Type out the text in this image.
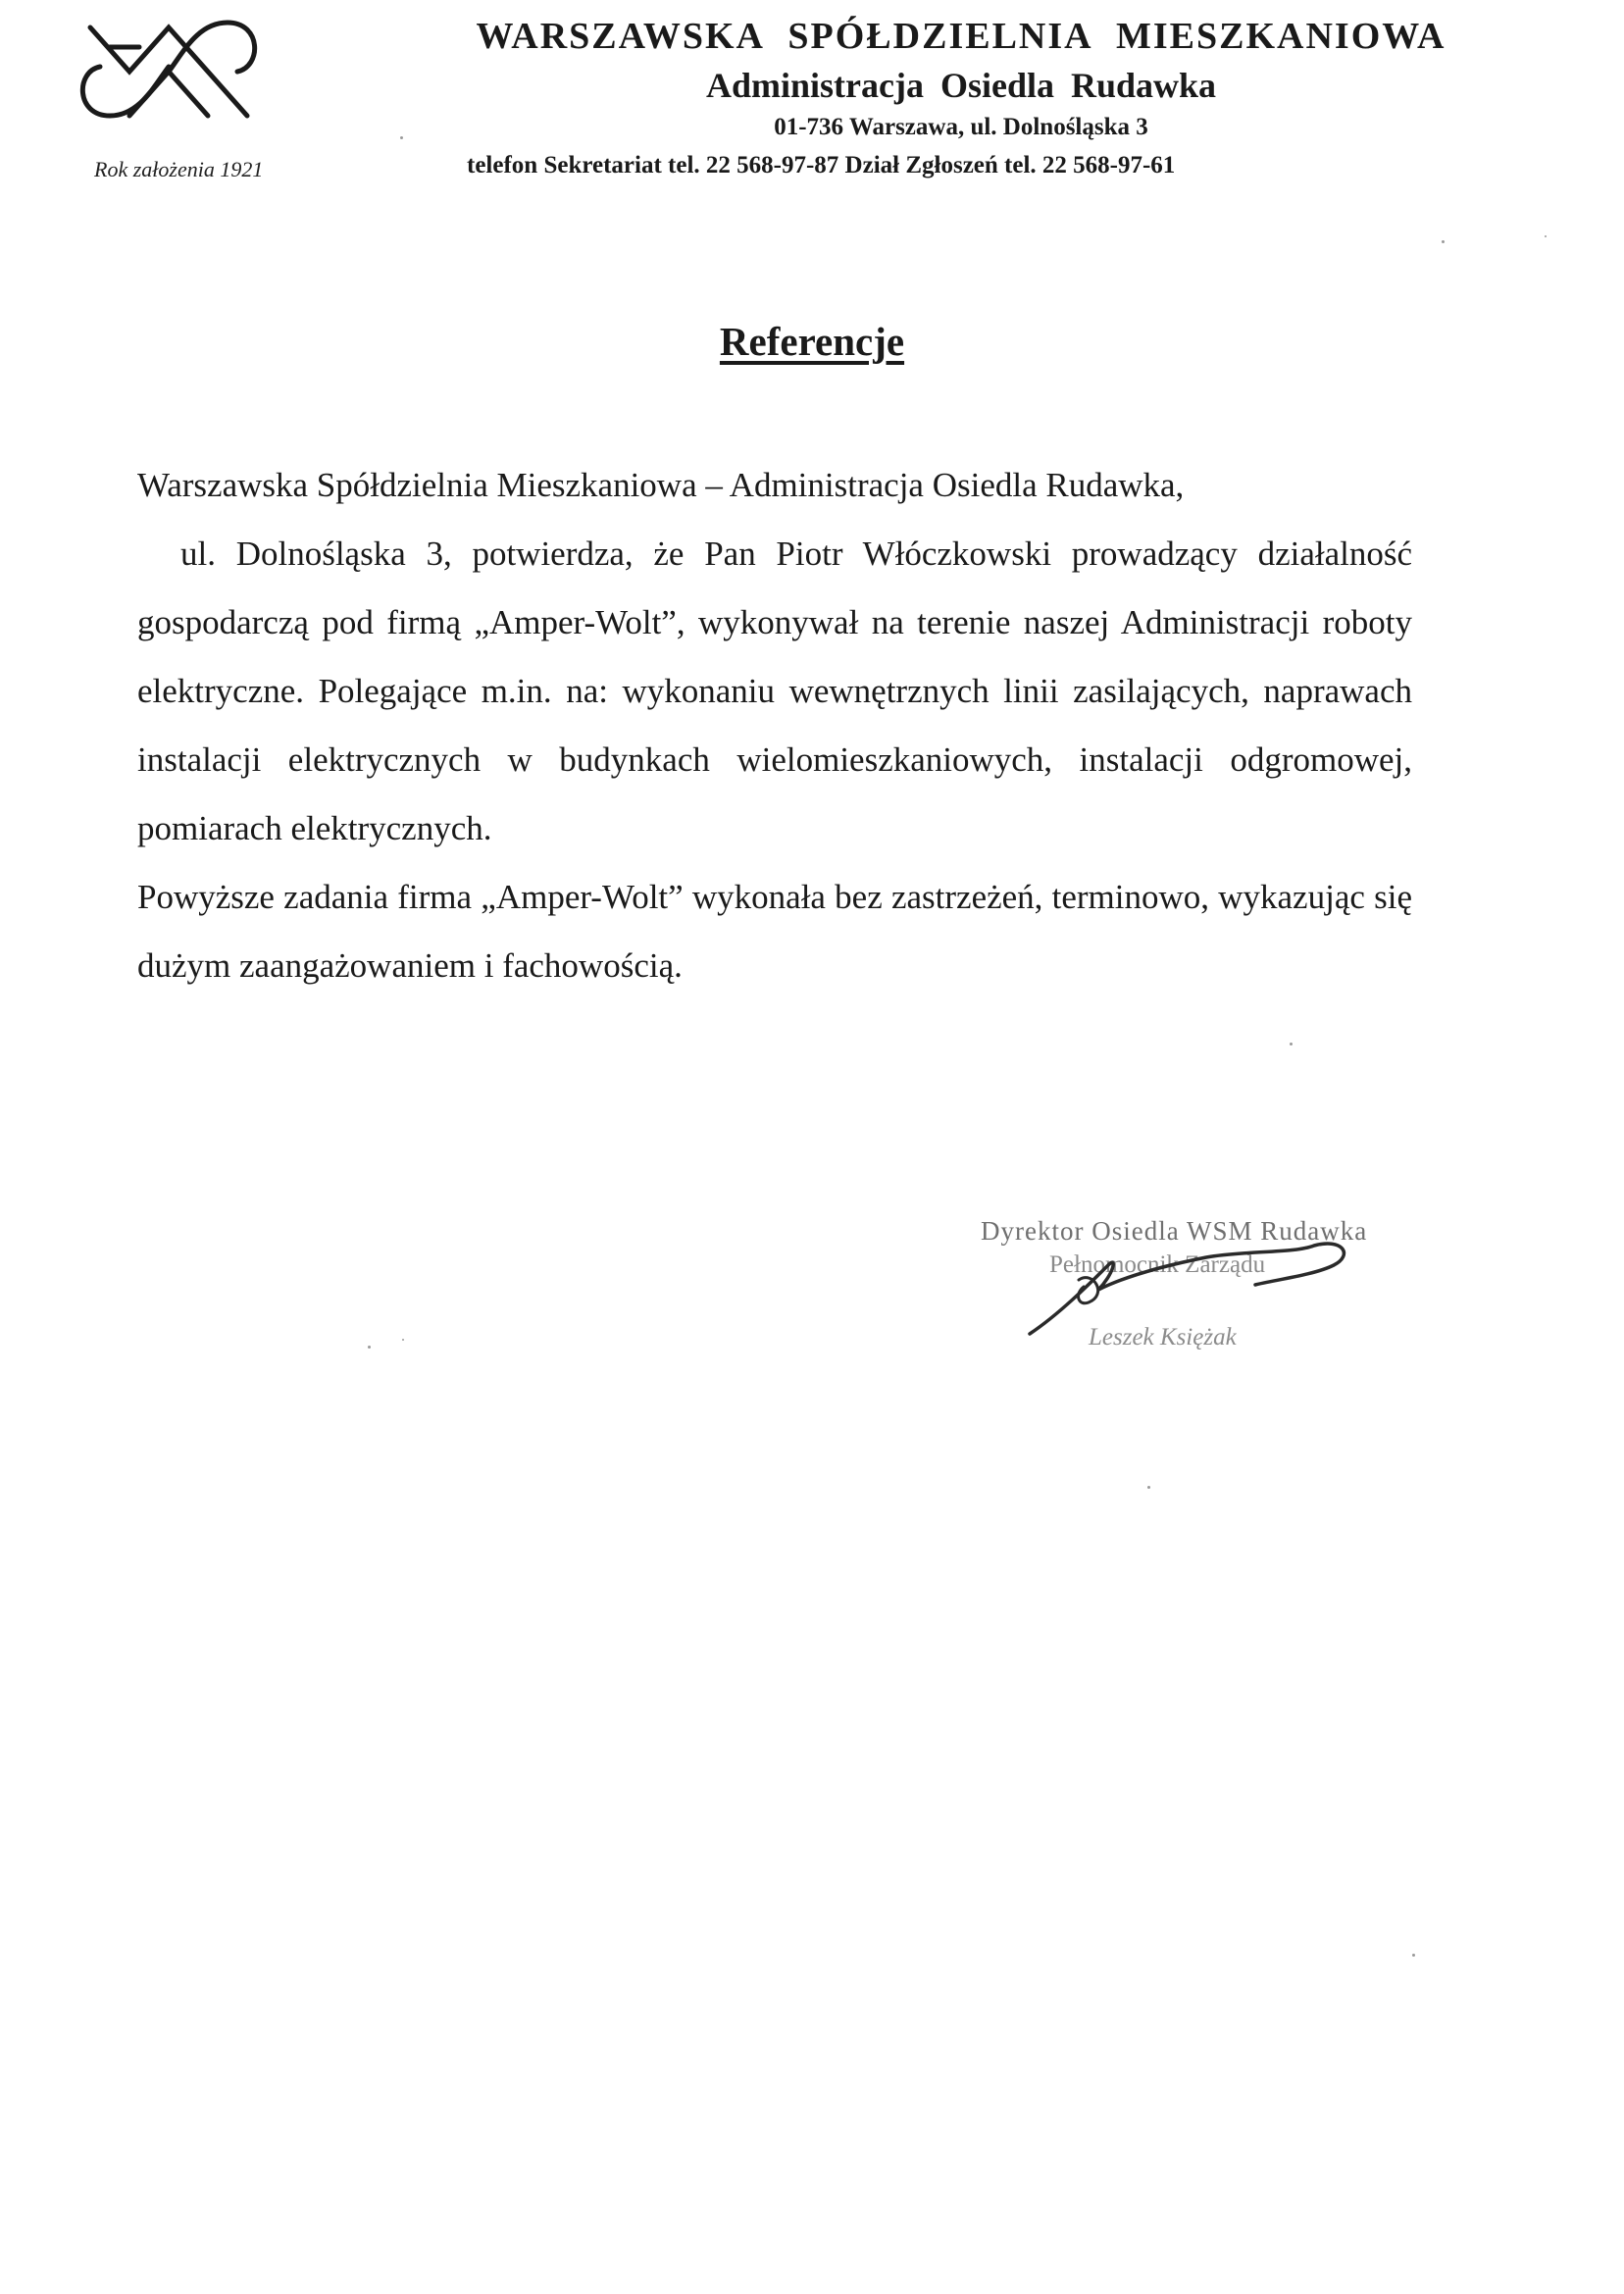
Rok założenia 1921

WARSZAWSKA SPÓŁDZIELNIA MIESZKANIOWA

Administracja Osiedla Rudawka

01-736 Warszawa, ul. Dolnośląska 3

telefon Sekretariat tel. 22 568-97-87 Dział Zgłoszeń tel. 22 568-97-61
Referencje

Warszawska Spółdzielnia Mieszkaniowa – Administracja Osiedla Rudawka,
ul. Dolnośląska 3, potwierdza, że Pan Piotr Włóczkowski prowadzący działalność gospodarczą pod firmą „Amper-Wolt”, wykonywał na terenie naszej Administracji roboty elektryczne. Polegające m.in. na: wykonaniu wewnętrznych linii zasilających, naprawach instalacji elektrycznych w budynkach wielomieszkaniowych, instalacji odgromowej, pomiarach elektrycznych.

Powyższe zadania firma „Amper-Wolt” wykonała bez zastrzeżeń, terminowo, wykazując się dużym zaangażowaniem i fachowością.

Dyrektor Osiedla WSM Rudawka
Pełnomocnik Zarządu
Leszek Księżak
